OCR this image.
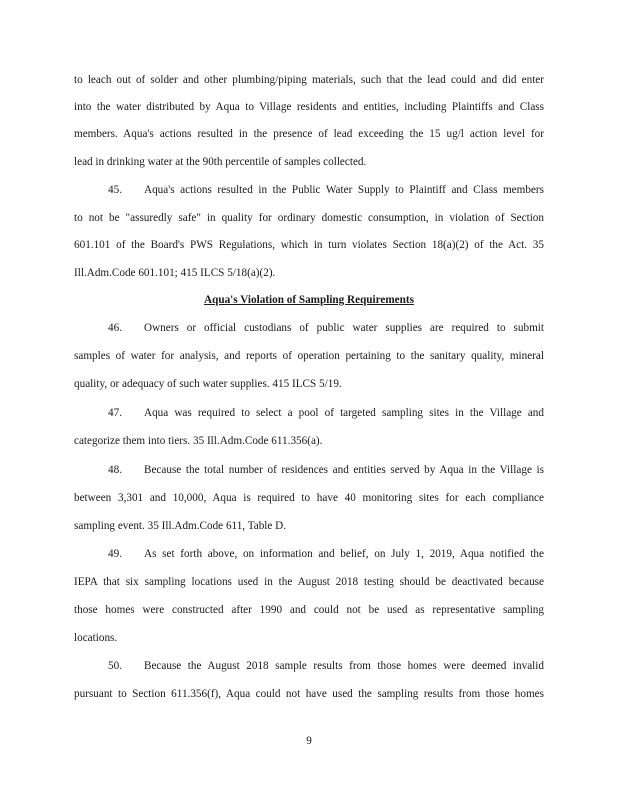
to leach out of solder and other plumbing/piping materials, such that the lead could and did enter
into the water distributed by Aqua to Village residents and entities, including Plaintiffs and Class
members. Aqua's actions resulted in the presence of lead exceeding the 15 ug/l action level for
lead in drinking water at the 90th percentile of samples collected.
45. Aqua's actions resulted in the Public Water Supply to Plaintiff and Class members
to not be "assuredly safe" in quality for ordinary domestic consumption, in violation of Section
601.101 of the Board's PWS Regulations, which in turn violates Section 18(a)(2) of the Act. 35
Ill.Adm.Code 601.101; 415 ILCS 5/18(a)(2).
Aqua's Violation of Sampling Requirements
46. Owners or official custodians of public water supplies are required to submit
samples of water for analysis, and reports of operation pertaining to the sanitary quality, mineral
quality, or adequacy of such water supplies. 415 ILCS 5/19.
47. Aqua was required to select a pool of targeted sampling sites in the Village and
categorize them into tiers. 35 Ill.Adm.Code 611.356(a).
48. Because the total number of residences and entities served by Aqua in the Village is
between 3,301 and 10,000, Aqua is required to have 40 monitoring sites for each compliance
sampling event. 35 Ill.Adm.Code 611, Table D.
49. As set forth above, on information and belief, on July 1, 2019, Aqua notified the
IEPA that six sampling locations used in the August 2018 testing should be deactivated because
those homes were constructed after 1990 and could not be used as representative sampling
locations.
50. Because the August 2018 sample results from those homes were deemed invalid
pursuant to Section 611.356(f), Aqua could not have used the sampling results from those homes
9
